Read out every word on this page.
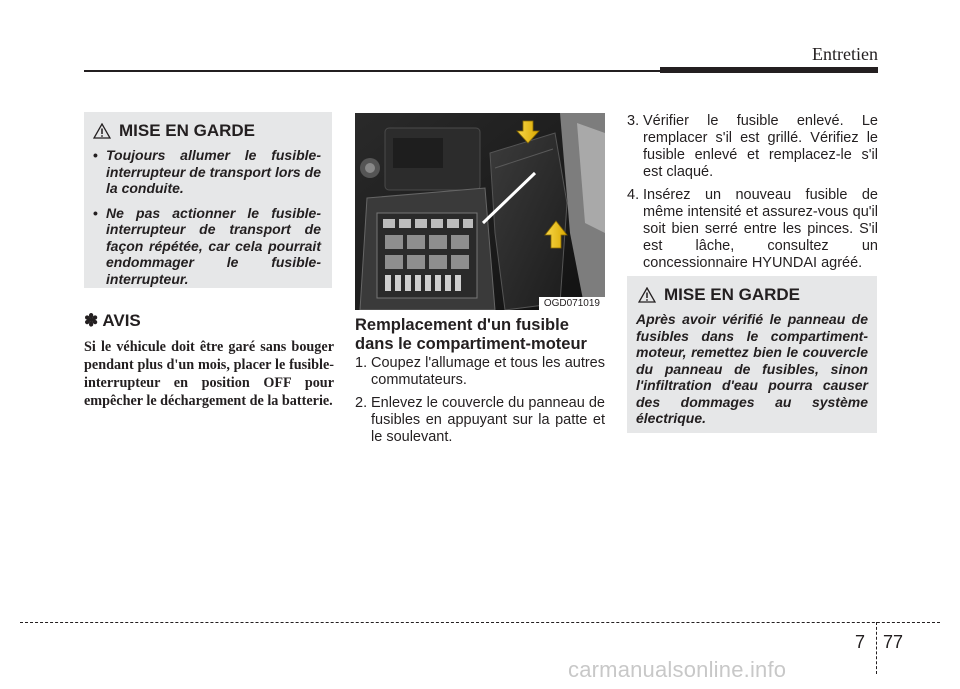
Entretien
MISE EN GARDE
• Toujours allumer le fusible-interrupteur de transport lors de la conduite.
• Ne pas actionner le fusible-interrupteur de transport de façon répétée, car cela pourrait endommager le fusible-interrupteur.
✽ AVIS
Si le véhicule doit être garé sans bouger pendant plus d'un mois, placer le fusible-interrupteur en position OFF pour empêcher le déchargement de la batterie.
OGD071019
Remplacement d'un fusible dans le compartiment-moteur
1. Coupez l'allumage et tous les autres commutateurs.
2. Enlevez le couvercle du panneau de fusibles en appuyant sur la patte et le soulevant.
3. Vérifier le fusible enlevé. Le remplacer s'il est grillé. Vérifiez le fusible enlevé et remplacez-le s'il est claqué.
4. Insérez un nouveau fusible de même intensité et assurez-vous qu'il soit bien serré entre les pinces. S'il est lâche, consultez un concessionnaire HYUNDAI agréé.
MISE EN GARDE

Après avoir vérifié le panneau de fusibles dans le compartiment-moteur, remettez bien le couvercle du panneau de fusibles, sinon l'infiltration d'eau pourra causer des dommages au système électrique.

7 77
carmanualsonline.info
